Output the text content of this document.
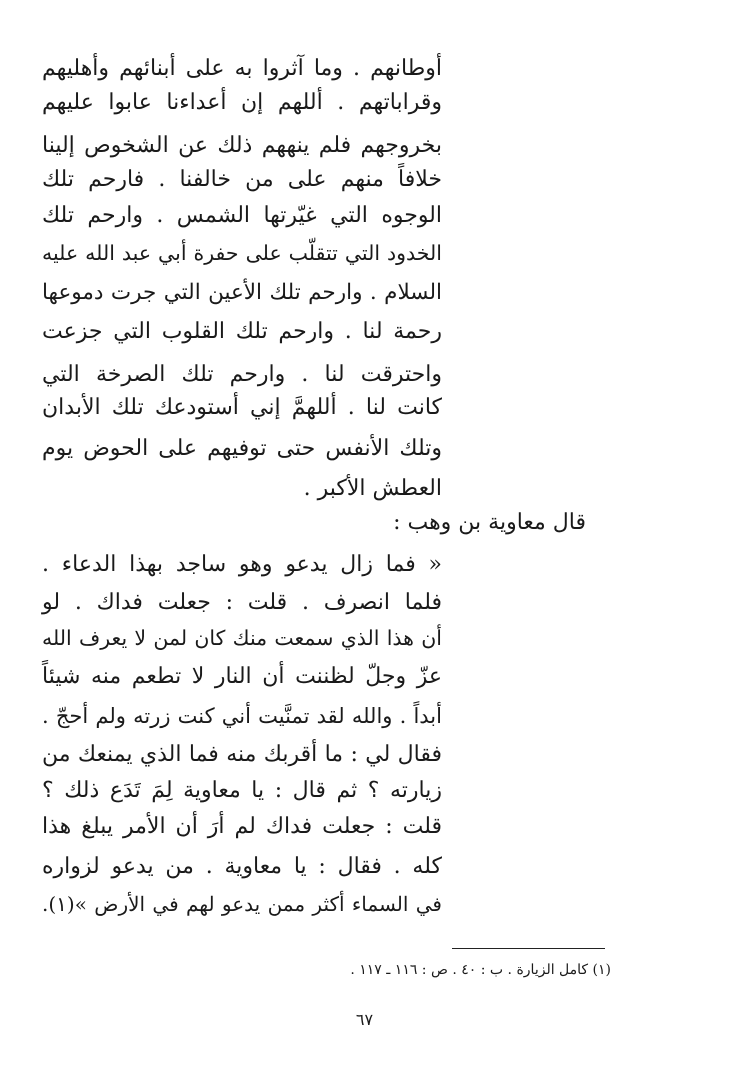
أوطانهم . وما آثروا به على أبنائهم وأهليهم
وقراباتهم . أللهم إن أعداءنا عابوا عليهم
بخروجهم فلم ينههم ذلك عن الشخوص إلينا
خلافاً منهم على من خالفنا . فارحم تلك
الوجوه التي غيّرتها الشمس . وارحم تلك
الخدود التي تتقلّب على حفرة أبي عبد الله عليه
السلام . وارحم تلك الأعين التي جرت دموعها
رحمة لنا . وارحم تلك القلوب التي جزعت
واحترقت لنا . وارحم تلك الصرخة التي
كانت لنا . أللهمَّ إني أستودعك تلك الأبدان
وتلك الأنفس حتى توفيهم على الحوض يوم
العطش الأكبر .
قال معاوية بن وهب :
« فما زال يدعو وهو ساجد بهذا الدعاء .
فلما انصرف . قلت : جعلت فداك . لو
أن هذا الذي سمعت منك كان لمن لا يعرف الله
عزّ وجلّ لظننت أن النار لا تطعم منه شيئاً
أبداً . والله لقد تمنَّيت أني كنت زرته ولم أحجّ .
فقال لي : ما أقربك منه فما الذي يمنعك من
زيارته ؟ ثم قال : يا معاوية لِمَ تَدَع ذلك ؟
قلت : جعلت فداك لم أرَ أن الأمر يبلغ هذا
كله . فقال : يا معاوية . من يدعو لزواره
في السماء أكثر ممن يدعو لهم في الأرض »(١).
(١) كامل الزيارة . ب : ٤٠ . ص : ١١٦ ـ ١١٧ .
٦٧
